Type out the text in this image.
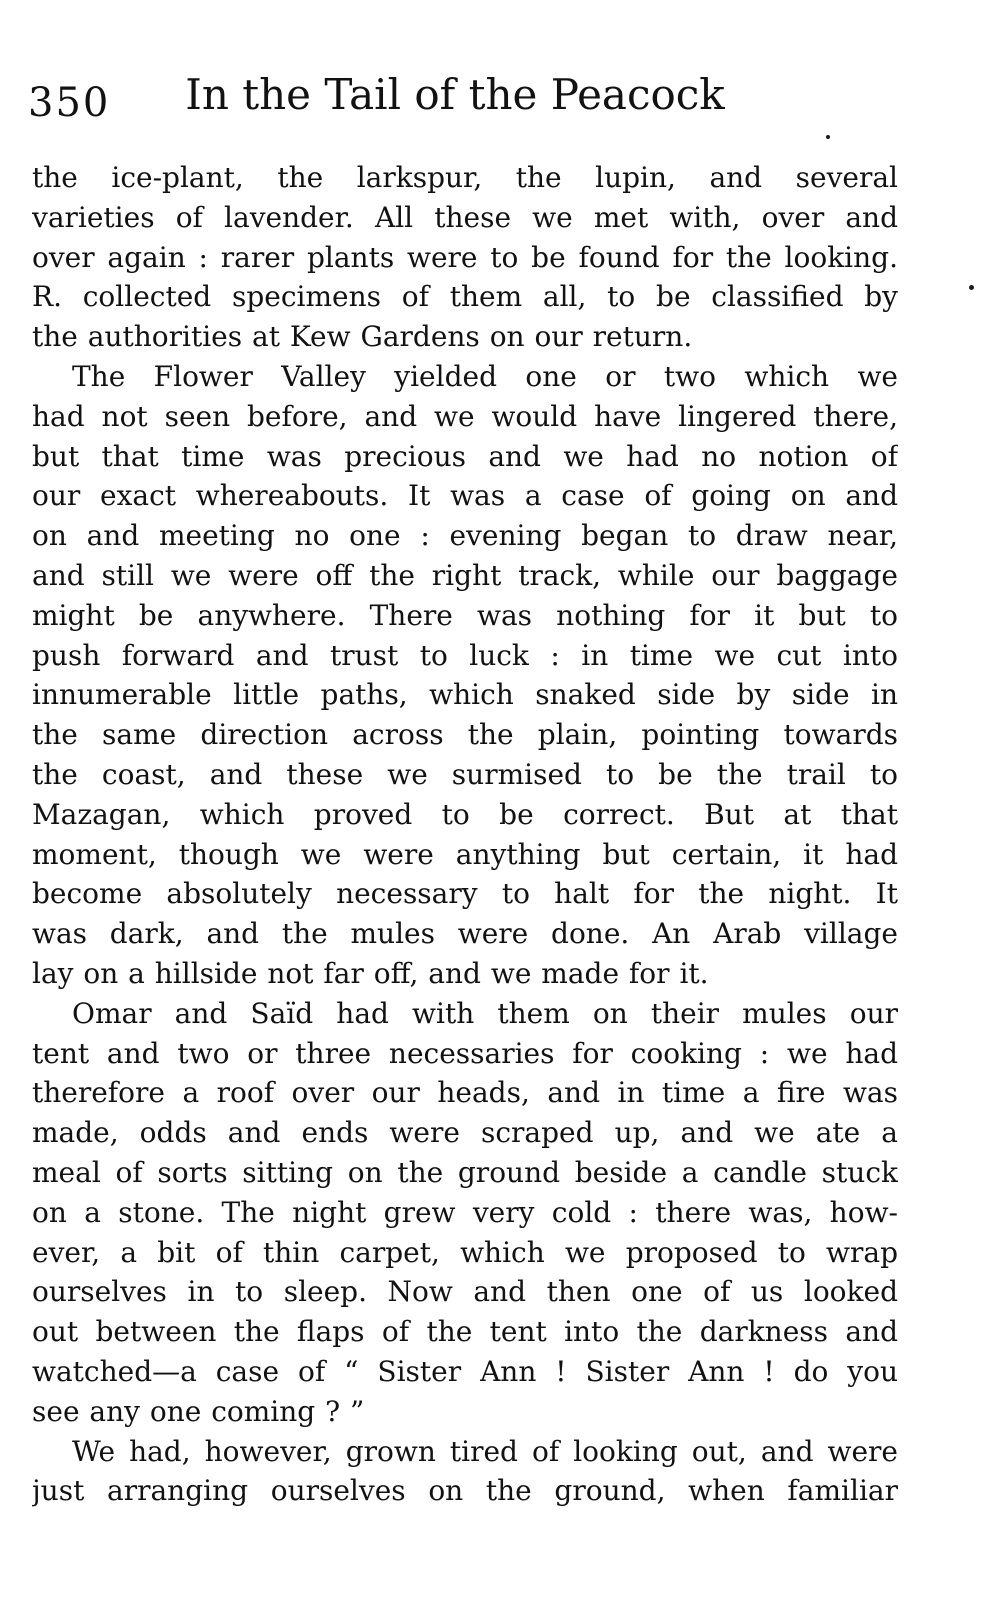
350	In the Tail of the Peacock
the ice-plant, the larkspur, the lupin, and several
varieties of lavender. All these we met with, over and
over again : rarer plants were to be found for the looking.
R. collected specimens of them all, to be classified by
the authorities at Kew Gardens on our return.
The Flower Valley yielded one or two which we
had not seen before, and we would have lingered there,
but that time was precious and we had no notion of
our exact whereabouts. It was a case of going on and
on and meeting no one : evening began to draw near,
and still we were off the right track, while our baggage
might be anywhere. There was nothing for it but to
push forward and trust to luck : in time we cut into
innumerable little paths, which snaked side by side in
the same direction across the plain, pointing towards
the coast, and these we surmised to be the trail to
Mazagan, which proved to be correct. But at that
moment, though we were anything but certain, it had
become absolutely necessary to halt for the night. It
was dark, and the mules were done. An Arab village
lay on a hillside not far off, and we made for it.
Omar and Saïd had with them on their mules our
tent and two or three necessaries for cooking : we had
therefore a roof over our heads, and in time a fire was
made, odds and ends were scraped up, and we ate a
meal of sorts sitting on the ground beside a candle stuck
on a stone. The night grew very cold : there was, how-
ever, a bit of thin carpet, which we proposed to wrap
ourselves in to sleep. Now and then one of us looked
out between the flaps of the tent into the darkness and
watched—a case of “ Sister Ann ! Sister Ann ! do you
see any one coming ? ”
We had, however, grown tired of looking out, and were
just arranging ourselves on the ground, when familiar
